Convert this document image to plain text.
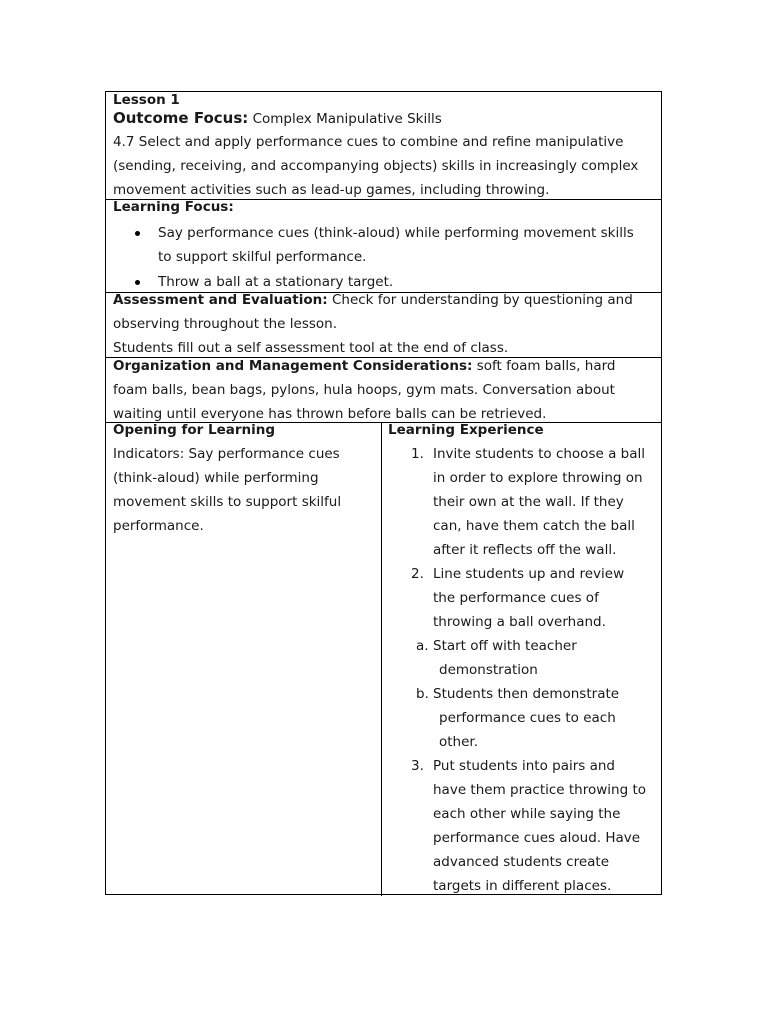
Lesson 1
Outcome Focus: Complex Manipulative Skills
4.7 Select and apply performance cues to combine and refine manipulative
(sending, receiving, and accompanying objects) skills in increasingly complex
movement activities such as lead-up games, including throwing.
Learning Focus:
Say performance cues (think-aloud) while performing movement skills
to support skilful performance.
Throw a ball at a stationary target.
Assessment and Evaluation: Check for understanding by questioning and
observing throughout the lesson.
Students fill out a self assessment tool at the end of class.
Organization and Management Considerations: soft foam balls, hard
foam balls, bean bags, pylons, hula hoops, gym mats. Conversation about
waiting until everyone has thrown before balls can be retrieved.
Opening for Learning
Indicators: Say performance cues
(think-aloud) while performing
movement skills to support skilful
performance.
Learning Experience
1. Invite students to choose a ball
in order to explore throwing on
their own at the wall. If they
can, have them catch the ball
after it reflects off the wall.
2. Line students up and review
the performance cues of
throwing a ball overhand.
a. Start off with teacher
demonstration
b. Students then demonstrate
performance cues to each
other.
3. Put students into pairs and
have them practice throwing to
each other while saying the
performance cues aloud. Have
advanced students create
targets in different places.
